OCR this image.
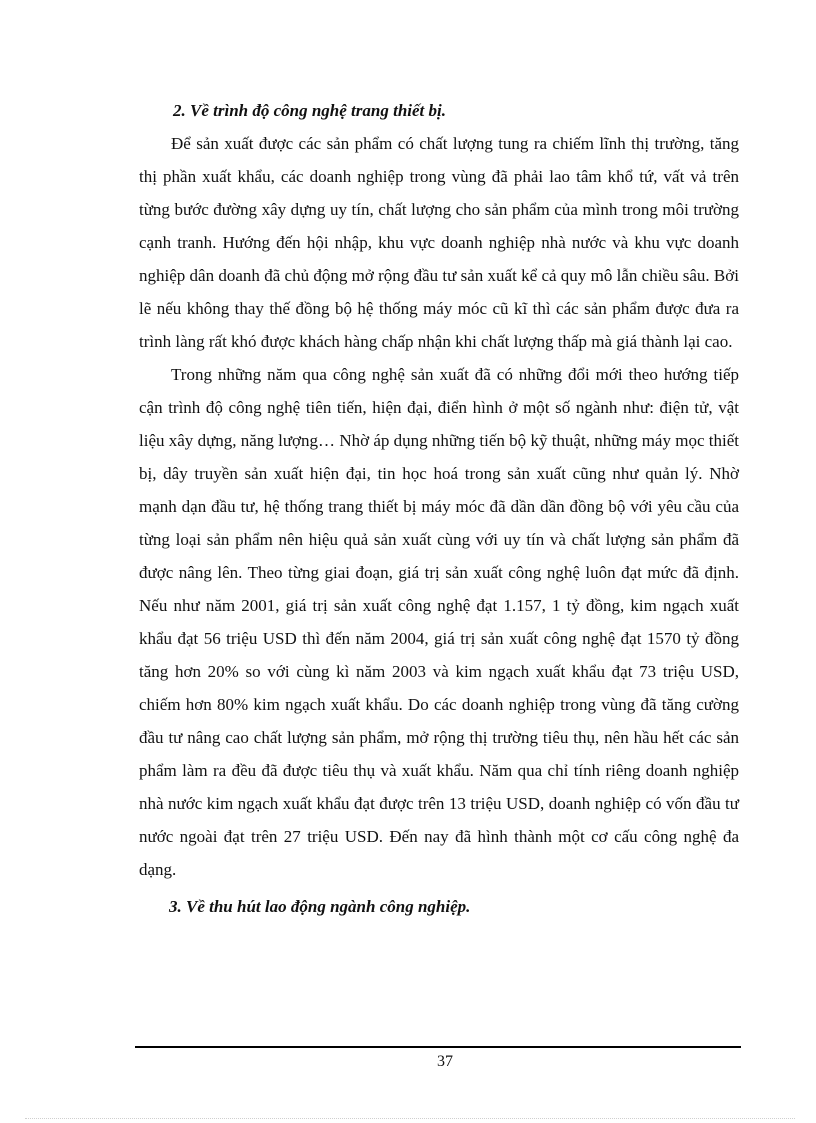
2. Về trình độ công nghệ trang thiết bị.

Để sản xuất được các sản phẩm có chất lượng tung ra chiếm lĩnh thị trường, tăng thị phần xuất khẩu, các doanh nghiệp trong vùng đã phải lao tâm khổ tứ, vất vả trên từng bước đường xây dựng uy tín, chất lượng cho sản phẩm của mình trong môi trường cạnh tranh. Hướng đến hội nhập, khu vực doanh nghiệp nhà nước và khu vực doanh nghiệp dân doanh đã chủ động mở rộng đầu tư sản xuất kể cả quy mô lẫn chiều sâu. Bởi lẽ nếu không thay thế đồng bộ hệ thống máy móc cũ kĩ thì các sản phẩm được đưa ra trình làng rất khó được khách hàng chấp nhận khi chất lượng thấp mà giá thành lại cao.

Trong những năm qua công nghệ sản xuất đã có những đổi mới theo hướng tiếp cận trình độ công nghệ tiên tiến, hiện đại, điển hình ở một số ngành như: điện tử, vật liệu xây dựng, năng lượng… Nhờ áp dụng những tiến bộ kỹ thuật, những máy mọc thiết bị, dây truyền sản xuất hiện đại, tin học hoá trong sản xuất cũng như quản lý. Nhờ mạnh dạn đầu tư, hệ thống trang thiết bị máy móc đã dần dần đồng bộ với yêu cầu của từng loại sản phẩm nên hiệu quả sản xuất cùng với uy tín và chất lượng sản phẩm đã được nâng lên. Theo từng giai đoạn, giá trị sản xuất công nghệ luôn đạt mức đã định. Nếu như năm 2001, giá trị sản xuất công nghệ đạt 1.157, 1 tỷ đồng, kim ngạch xuất khẩu đạt 56 triệu USD thì đến năm 2004, giá trị sản xuất công nghệ đạt 1570 tỷ đồng tăng hơn 20% so với cùng kì năm 2003 và kim ngạch xuất khẩu đạt 73 triệu USD, chiếm hơn 80% kim ngạch xuất khẩu. Do các doanh nghiệp trong vùng đã tăng cường đầu tư nâng cao chất lượng sản phẩm, mở rộng thị trường tiêu thụ, nên hầu hết các sản phẩm làm ra đều đã được tiêu thụ và xuất khẩu. Năm qua chỉ tính riêng doanh nghiệp nhà nước kim ngạch xuất khẩu đạt được trên 13 triệu USD, doanh nghiệp có vốn đầu tư nước ngoài đạt trên 27 triệu USD. Đến nay đã hình thành một cơ cấu công nghệ đa dạng.

3. Về thu hút lao động ngành công nghiệp.

37
